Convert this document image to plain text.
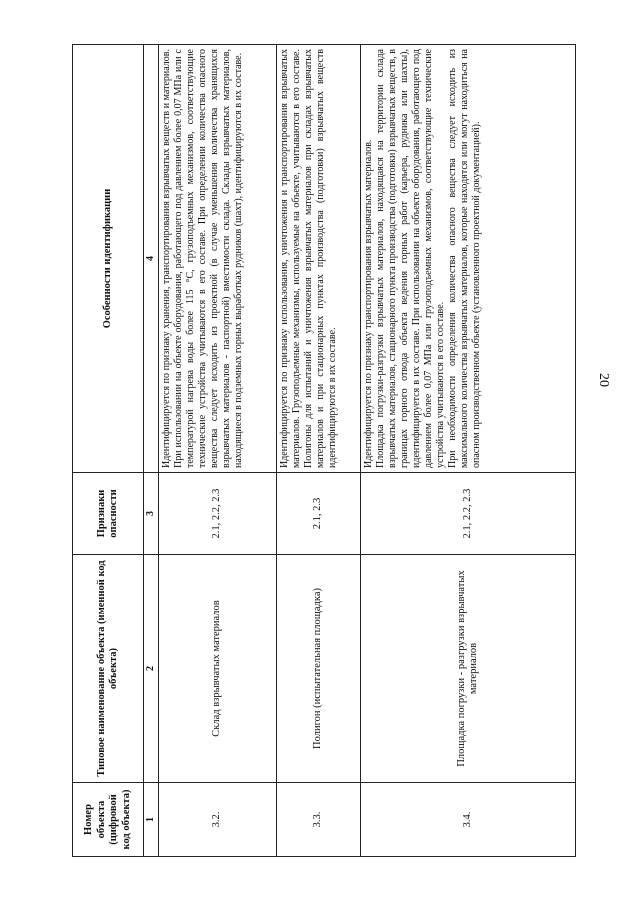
20
Номер объекта (цифровой код объекта)	Типовое наименование объекта (именной код объекта)	Признаки опасности	Особенности идентификации
1	2	3	4
3.2.	Склад взрывчатых материалов	2.1, 2.2, 2.3	Идентифицируется по признаку хранения, транспортирования взрывчатых веществ и материалов. При использовании на объекте оборудования, работающего под давлением более 0,07 МПа или с температурой нагрева воды более 115 °С, грузоподъемных механизмов, соответствующие технические устройства учитываются в его составе. При определении количества опасного вещества следует исходить из проектной (в случае уменьшения количества хранящихся взрывчатых материалов - паспортной) вместимости склада. Склады взрывчатых материалов, находящиеся в подземных горных выработках рудников (шахт), идентифицируются в их составе.

3.3.	Полигон (испытательная площадка)	2.1, 2.3	Идентифицируется по признаку использования, уничтожения и транспортирования взрывчатых материалов. Грузоподъемные механизмы, используемые на объекте, учитываются в его составе. Полигоны для испытаний и уничтожения взрывчатых материалов при складах взрывчатых материалов и при стационарных пунктах производства (подготовки) взрывчатых веществ идентифицируются в их составе.

3.4.	Площадка погрузки - разгрузки взрывчатых материалов	2.1, 2.2, 2.3	Идентифицируется по признаку транспортирования взрывчатых материалов. Площадка погрузки-разгрузки взрывчатых материалов, находящаяся на территории склада взрывчатых материалов, стационарного пункта производства (подготовки) взрывчатых веществ, в границах горного отвода объекта ведения горных работ (карьера, рудника или шахты), идентифицируется в их составе. При использовании на объекте оборудования, работающего под давлением более 0,07 МПа или грузоподъемных механизмов, соответствующие технические устройства учитываются в его составе. При необходимости определения количества опасного вещества следует исходить из максимального количества взрывчатых материалов, которые находятся или могут находиться на опасном производственном объекте (установленного проектной документацией).
